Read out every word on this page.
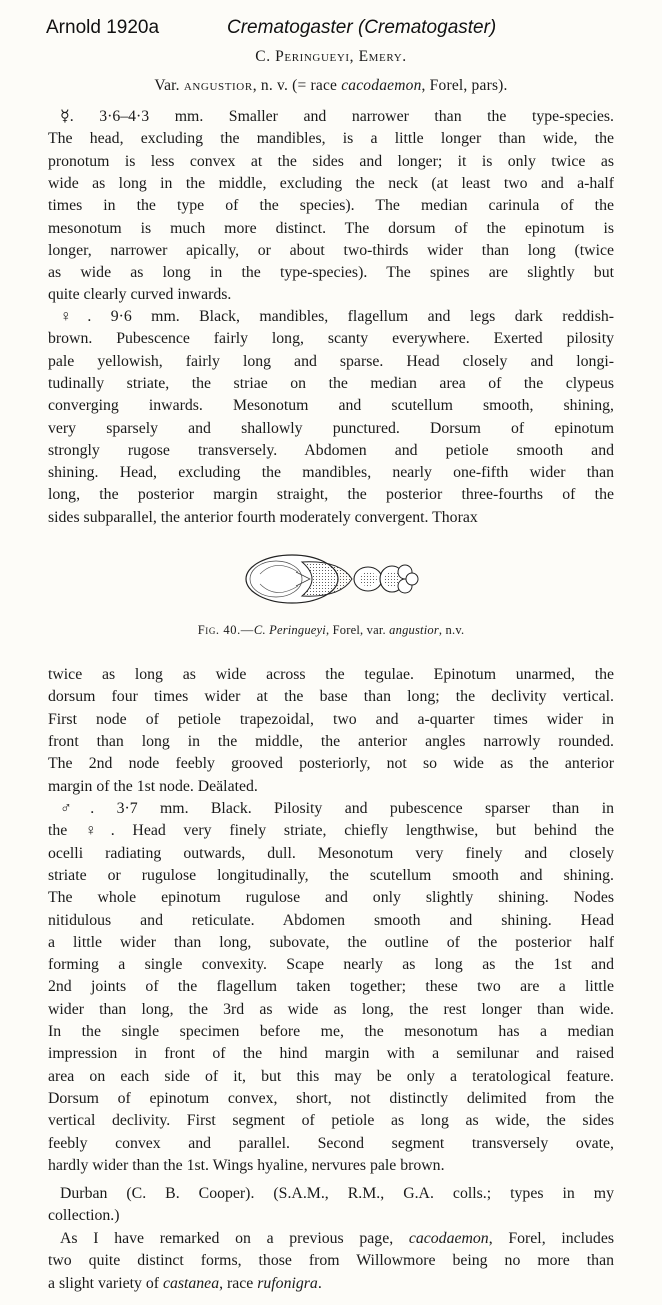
Arnold 1920a	Crematogaster (Crematogaster)
C. Peringueyi, Emery.
Var. angustior, n. v. (= race cacodaemon, Forel, pars).
☿. 3·6–4·3 mm. Smaller and narrower than the type-species.
The head, excluding the mandibles, is a little longer than wide, the
pronotum is less convex at the sides and longer; it is only twice as
wide as long in the middle, excluding the neck (at least two and a-half
times in the type of the species). The median carinula of the
mesonotum is much more distinct. The dorsum of the epinotum is
longer, narrower apically, or about two-thirds wider than long (twice
as wide as long in the type-species). The spines are slightly but
quite clearly curved inwards.
♀. 9·6 mm. Black, mandibles, flagellum and legs dark reddish-
brown. Pubescence fairly long, scanty everywhere. Exerted pilosity
pale yellowish, fairly long and sparse. Head closely and longi-
tudinally striate, the striae on the median area of the clypeus
converging inwards. Mesonotum and scutellum smooth, shining,
very sparsely and shallowly punctured. Dorsum of epinotum
strongly rugose transversely. Abdomen and petiole smooth and
shining. Head, excluding the mandibles, nearly one-fifth wider than
long, the posterior margin straight, the posterior three-fourths of the
sides subparallel, the anterior fourth moderately convergent. Thorax
Fig. 40.—C. Peringueyi, Forel, var. angustior, n.v.
twice as long as wide across the tegulae. Epinotum unarmed, the
dorsum four times wider at the base than long; the declivity vertical.
First node of petiole trapezoidal, two and a-quarter times wider in
front than long in the middle, the anterior angles narrowly rounded.
The 2nd node feebly grooved posteriorly, not so wide as the anterior
margin of the 1st node. Deälated.
♂. 3·7 mm. Black. Pilosity and pubescence sparser than in
the ♀. Head very finely striate, chiefly lengthwise, but behind the
ocelli radiating outwards, dull. Mesonotum very finely and closely
striate or rugulose longitudinally, the scutellum smooth and shining.
The whole epinotum rugulose and only slightly shining. Nodes
nitidulous and reticulate. Abdomen smooth and shining. Head
a little wider than long, subovate, the outline of the posterior half
forming a single convexity. Scape nearly as long as the 1st and
2nd joints of the flagellum taken together; these two are a little
wider than long, the 3rd as wide as long, the rest longer than wide.
In the single specimen before me, the mesonotum has a median
impression in front of the hind margin with a semilunar and raised
area on each side of it, but this may be only a teratological feature.
Dorsum of epinotum convex, short, not distinctly delimited from the
vertical declivity. First segment of petiole as long as wide, the sides
feebly convex and parallel. Second segment transversely ovate,
hardly wider than the 1st. Wings hyaline, nervures pale brown.
Durban (C. B. Cooper). (S.A.M., R.M., G.A. colls.; types in my
collection.)
As I have remarked on a previous page, cacodaemon, Forel, includes
two quite distinct forms, those from Willowmore being no more than
a slight variety of castanea, race rufonigra.
